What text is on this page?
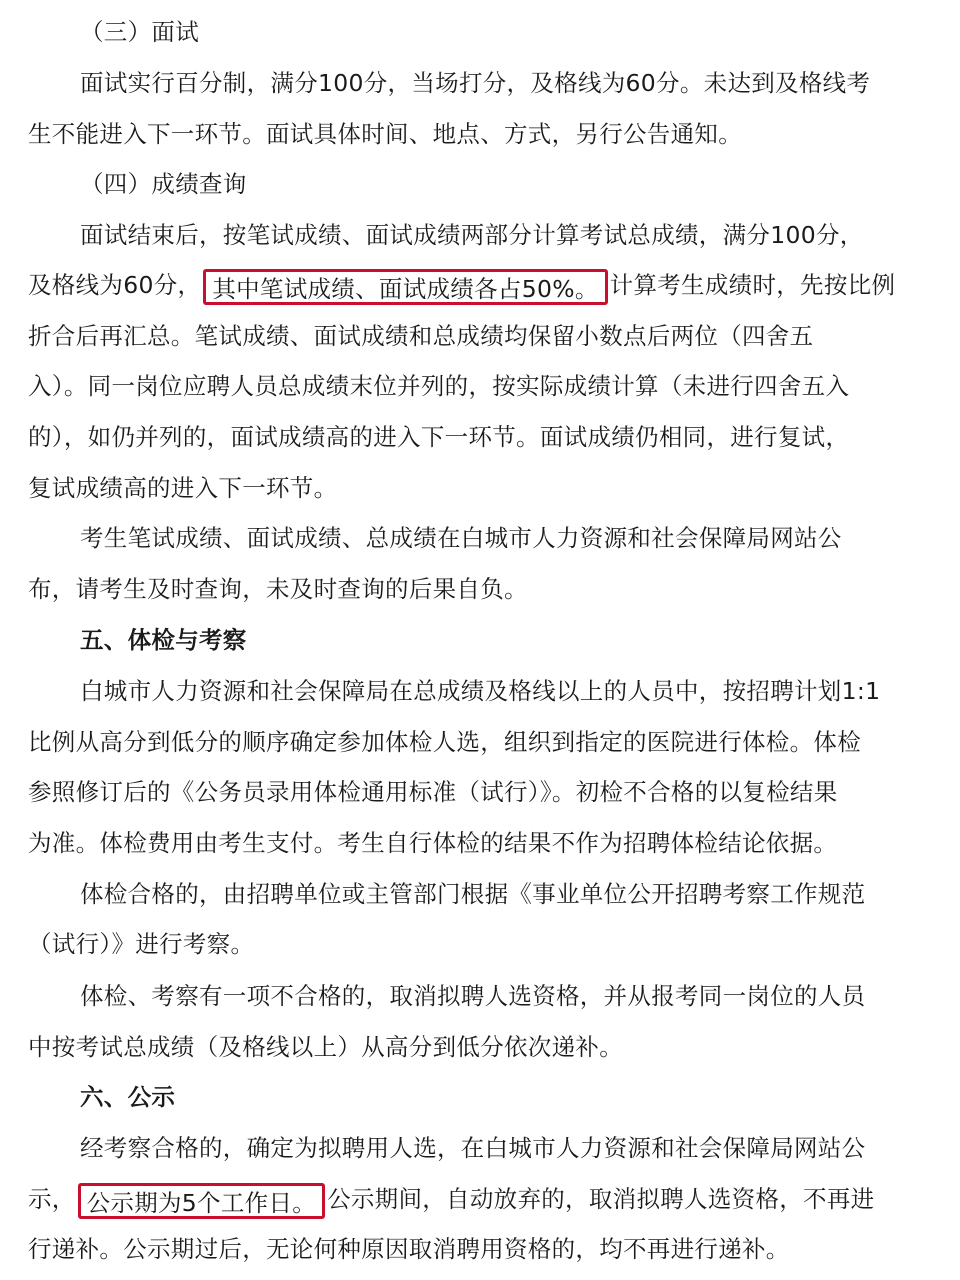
（三）面试
面试实行百分制，满分100分，当场打分，及格线为60分。未达到及格线考
生不能进入下一环节。面试具体时间、地点、方式，另行公告通知。
（四）成绩查询
面试结束后，按笔试成绩、面试成绩两部分计算考试总成绩，满分100分，
及格线为60分， 其中笔试成绩、面试成绩各占50%。 计算考生成绩时，先按比例
折合后再汇总。笔试成绩、面试成绩和总成绩均保留小数点后两位（四舍五
入）。同一岗位应聘人员总成绩末位并列的，按实际成绩计算（未进行四舍五入
的），如仍并列的，面试成绩高的进入下一环节。面试成绩仍相同，进行复试，
复试成绩高的进入下一环节。
考生笔试成绩、面试成绩、总成绩在白城市人力资源和社会保障局网站公
布，请考生及时查询，未及时查询的后果自负。
五、体检与考察
白城市人力资源和社会保障局在总成绩及格线以上的人员中，按招聘计划1:1
比例从高分到低分的顺序确定参加体检人选，组织到指定的医院进行体检。体检
参照修订后的《公务员录用体检通用标准（试行）》。初检不合格的以复检结果
为准。体检费用由考生支付。考生自行体检的结果不作为招聘体检结论依据。
体检合格的，由招聘单位或主管部门根据《事业单位公开招聘考察工作规范
（试行）》进行考察。
体检、考察有一项不合格的，取消拟聘人选资格，并从报考同一岗位的人员
中按考试总成绩（及格线以上）从高分到低分依次递补。
六、公示
经考察合格的，确定为拟聘用人选，在白城市人力资源和社会保障局网站公
示， 公示期为5个工作日。 公示期间，自动放弃的，取消拟聘人选资格，不再进
行递补。公示期过后，无论何种原因取消聘用资格的，均不再进行递补。
